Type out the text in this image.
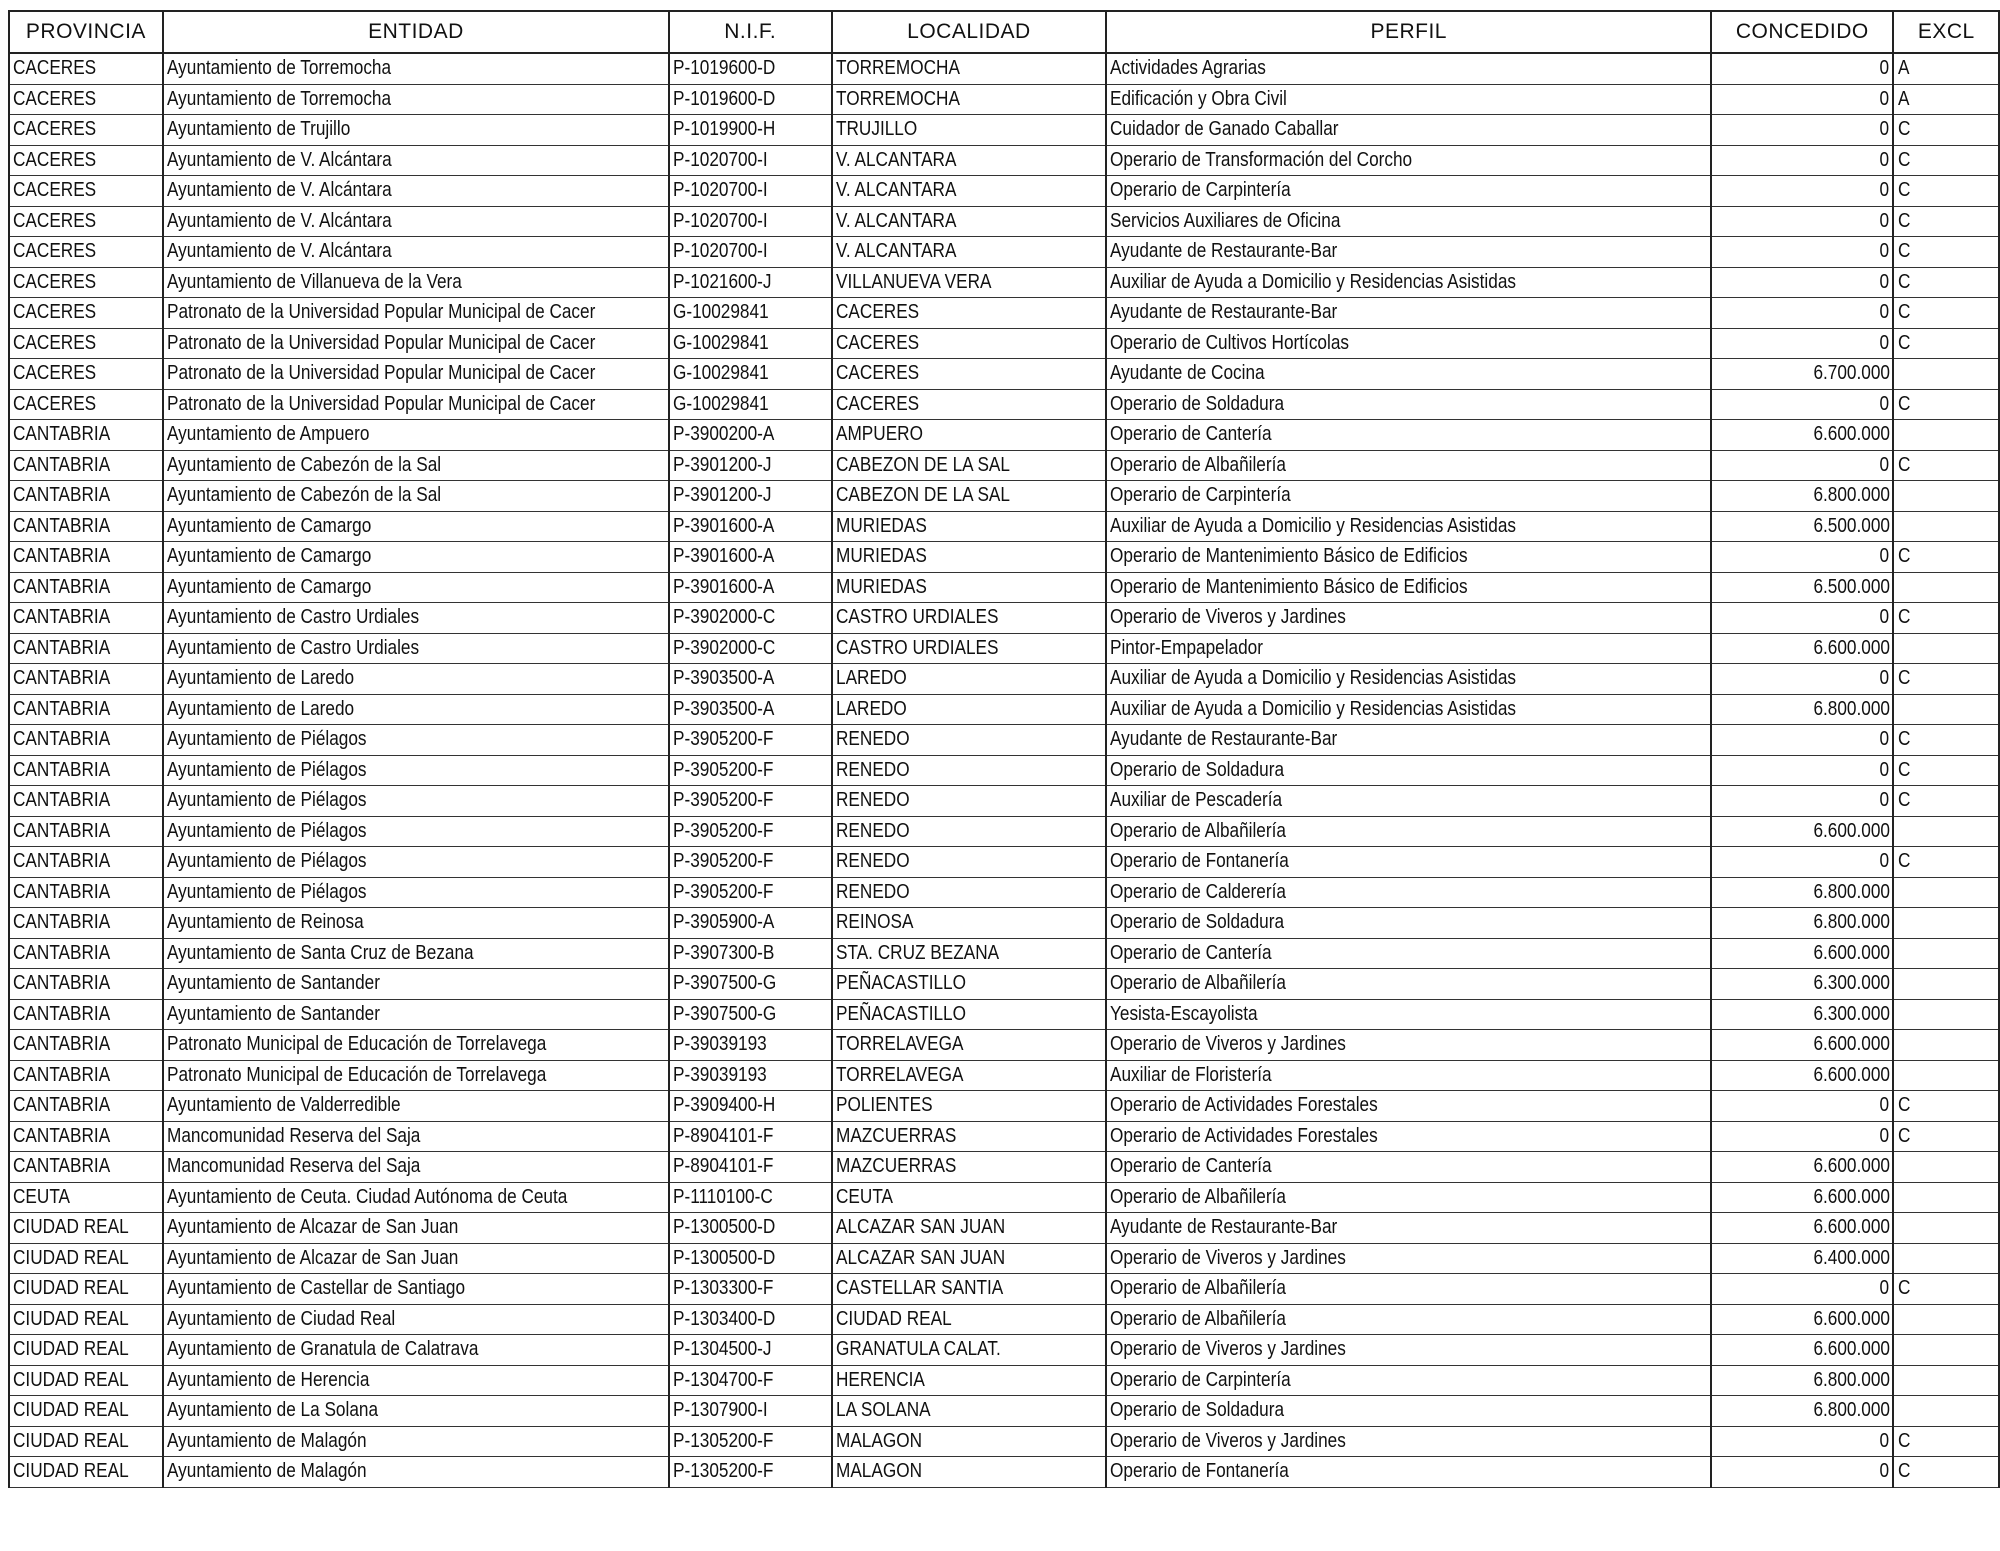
PROVINCIA	ENTIDAD	N.I.F.	LOCALIDAD	PERFIL	CONCEDIDO	EXCL
CACERES	Ayuntamiento de Torremocha	P-1019600-D	TORREMOCHA	Actividades Agrarias	0	A
CACERES	Ayuntamiento de Torremocha	P-1019600-D	TORREMOCHA	Edificación y Obra Civil	0	A
CACERES	Ayuntamiento de Trujillo	P-1019900-H	TRUJILLO	Cuidador de Ganado Caballar	0	C
CACERES	Ayuntamiento de V. Alcántara	P-1020700-I	V. ALCANTARA	Operario de Transformación del Corcho	0	C
CACERES	Ayuntamiento de V. Alcántara	P-1020700-I	V. ALCANTARA	Operario de Carpintería	0	C
CACERES	Ayuntamiento de V. Alcántara	P-1020700-I	V. ALCANTARA	Servicios Auxiliares de Oficina	0	C
CACERES	Ayuntamiento de V. Alcántara	P-1020700-I	V. ALCANTARA	Ayudante de Restaurante-Bar	0	C
CACERES	Ayuntamiento de Villanueva de la Vera	P-1021600-J	VILLANUEVA VERA	Auxiliar de Ayuda a Domicilio y Residencias Asistidas	0	C
CACERES	Patronato de la Universidad Popular Municipal de Cacer	G-10029841	CACERES	Ayudante de Restaurante-Bar	0	C
CACERES	Patronato de la Universidad Popular Municipal de Cacer	G-10029841	CACERES	Operario de Cultivos Hortícolas	0	C
CACERES	Patronato de la Universidad Popular Municipal de Cacer	G-10029841	CACERES	Ayudante de Cocina	6.700.000	
CACERES	Patronato de la Universidad Popular Municipal de Cacer	G-10029841	CACERES	Operario de Soldadura	0	C
CANTABRIA	Ayuntamiento de Ampuero	P-3900200-A	AMPUERO	Operario de Cantería	6.600.000	
CANTABRIA	Ayuntamiento de Cabezón de la Sal	P-3901200-J	CABEZON DE LA SAL	Operario de Albañilería	0	C
CANTABRIA	Ayuntamiento de Cabezón de la Sal	P-3901200-J	CABEZON DE LA SAL	Operario de Carpintería	6.800.000	
CANTABRIA	Ayuntamiento de Camargo	P-3901600-A	MURIEDAS	Auxiliar de Ayuda a Domicilio y Residencias Asistidas	6.500.000	
CANTABRIA	Ayuntamiento de Camargo	P-3901600-A	MURIEDAS	Operario de Mantenimiento Básico de Edificios	0	C
CANTABRIA	Ayuntamiento de Camargo	P-3901600-A	MURIEDAS	Operario de Mantenimiento Básico de Edificios	6.500.000	
CANTABRIA	Ayuntamiento de Castro Urdiales	P-3902000-C	CASTRO URDIALES	Operario de Viveros y Jardines	0	C
CANTABRIA	Ayuntamiento de Castro Urdiales	P-3902000-C	CASTRO URDIALES	Pintor-Empapelador	6.600.000	
CANTABRIA	Ayuntamiento de Laredo	P-3903500-A	LAREDO	Auxiliar de Ayuda a Domicilio y Residencias Asistidas	0	C
CANTABRIA	Ayuntamiento de Laredo	P-3903500-A	LAREDO	Auxiliar de Ayuda a Domicilio y Residencias Asistidas	6.800.000	
CANTABRIA	Ayuntamiento de Piélagos	P-3905200-F	RENEDO	Ayudante de Restaurante-Bar	0	C
CANTABRIA	Ayuntamiento de Piélagos	P-3905200-F	RENEDO	Operario de Soldadura	0	C
CANTABRIA	Ayuntamiento de Piélagos	P-3905200-F	RENEDO	Auxiliar de Pescadería	0	C
CANTABRIA	Ayuntamiento de Piélagos	P-3905200-F	RENEDO	Operario de Albañilería	6.600.000	
CANTABRIA	Ayuntamiento de Piélagos	P-3905200-F	RENEDO	Operario de Fontanería	0	C
CANTABRIA	Ayuntamiento de Piélagos	P-3905200-F	RENEDO	Operario de Calderería	6.800.000	
CANTABRIA	Ayuntamiento de Reinosa	P-3905900-A	REINOSA	Operario de Soldadura	6.800.000	
CANTABRIA	Ayuntamiento de Santa Cruz de Bezana	P-3907300-B	STA. CRUZ BEZANA	Operario de Cantería	6.600.000	
CANTABRIA	Ayuntamiento de Santander	P-3907500-G	PEÑACASTILLO	Operario de Albañilería	6.300.000	
CANTABRIA	Ayuntamiento de Santander	P-3907500-G	PEÑACASTILLO	Yesista-Escayolista	6.300.000	
CANTABRIA	Patronato Municipal de Educación de Torrelavega	P-39039193	TORRELAVEGA	Operario de Viveros y Jardines	6.600.000	
CANTABRIA	Patronato Municipal de Educación de Torrelavega	P-39039193	TORRELAVEGA	Auxiliar de Floristería	6.600.000	
CANTABRIA	Ayuntamiento de Valderredible	P-3909400-H	POLIENTES	Operario de Actividades Forestales	0	C
CANTABRIA	Mancomunidad Reserva del Saja	P-8904101-F	MAZCUERRAS	Operario de Actividades Forestales	0	C
CANTABRIA	Mancomunidad Reserva del Saja	P-8904101-F	MAZCUERRAS	Operario de Cantería	6.600.000	
CEUTA	Ayuntamiento de Ceuta. Ciudad Autónoma de Ceuta	P-1110100-C	CEUTA	Operario de Albañilería	6.600.000	
CIUDAD REAL	Ayuntamiento de Alcazar de San Juan	P-1300500-D	ALCAZAR SAN JUAN	Ayudante de Restaurante-Bar	6.600.000	
CIUDAD REAL	Ayuntamiento de Alcazar de San Juan	P-1300500-D	ALCAZAR SAN JUAN	Operario de Viveros y Jardines	6.400.000	
CIUDAD REAL	Ayuntamiento de Castellar de Santiago	P-1303300-F	CASTELLAR SANTIA	Operario de Albañilería	0	C
CIUDAD REAL	Ayuntamiento de Ciudad Real	P-1303400-D	CIUDAD REAL	Operario de Albañilería	6.600.000	
CIUDAD REAL	Ayuntamiento de Granatula de Calatrava	P-1304500-J	GRANATULA CALAT.	Operario de Viveros y Jardines	6.600.000	
CIUDAD REAL	Ayuntamiento de Herencia	P-1304700-F	HERENCIA	Operario de Carpintería	6.800.000	
CIUDAD REAL	Ayuntamiento de La Solana	P-1307900-I	LA SOLANA	Operario de Soldadura	6.800.000	
CIUDAD REAL	Ayuntamiento de Malagón	P-1305200-F	MALAGON	Operario de Viveros y Jardines	0	C
CIUDAD REAL	Ayuntamiento de Malagón	P-1305200-F	MALAGON	Operario de Fontanería	0	C
